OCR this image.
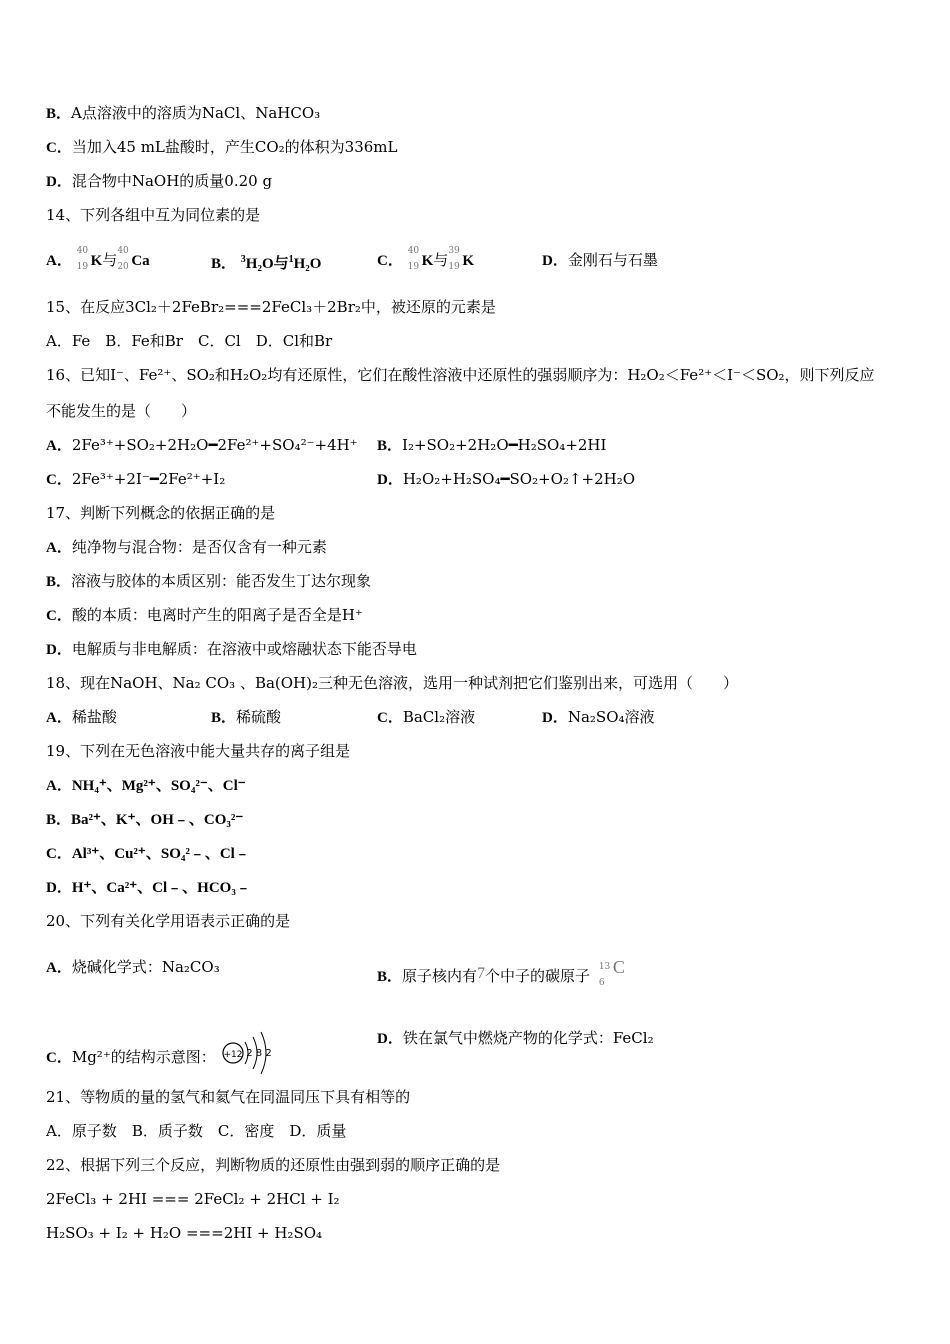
B．A点溶液中的溶质为NaCl、NaHCO₃
C．当加入45 mL盐酸时，产生CO₂的体积为336mL
D．混合物中NaOH的质量0.20 g
14、下列各组中互为同位素的是
A．
40
19 K与 40
20 Ca	B． $^3$H₂O与$^1$H₂O	C．
40
19 K与 39
19 K	D．金刚石与石墨
15、在反应3Cl₂＋2FeBr₂===2FeCl₃＋2Br₂中，被还原的元素是
A．Fe　B．Fe和Br　C．Cl　D．Cl和Br
16、已知I⁻、Fe²⁺、SO₂和H₂O₂均有还原性，它们在酸性溶液中还原性的强弱顺序为：H₂O₂＜Fe²⁺＜I⁻＜SO₂，则下列反应
不能发生的是（　　）
A．2Fe³⁺+SO₂+2H₂O━2Fe²⁺+SO₄²⁻+4H⁺ B．I₂+SO₂+2H₂O━H₂SO₄+2HI
C．2Fe³⁺+2I⁻━2Fe²⁺+I₂	D．H₂O₂+H₂SO₄━SO₂+O₂↑+2H₂O
17、判断下列概念的依据正确的是
A．纯净物与混合物：是否仅含有一种元素
B．溶液与胶体的本质区别：能否发生丁达尔现象
C．酸的本质：电离时产生的阳离子是否全是H⁺
D．电解质与非电解质：在溶液中或熔融状态下能否导电
18、现在NaOH、Na₂ CO₃ 、Ba(OH)₂三种无色溶液，选用一种试剂把它们鉴别出来，可选用（　　）
A．稀盐酸	B．稀硫酸	C．BaCl₂溶液	D．Na₂SO₄溶液
19、下列在无色溶液中能大量共存的离子组是
A．NH₄⁺、Mg²⁺、SO₄²⁻、Cl⁻
B．Ba²⁺、K⁺、OH﹣、CO₃²⁻
C．Al³⁺、Cu²⁺、SO₄²﹣、Cl﹣
D．H⁺、Ca²⁺、Cl﹣、HCO₃﹣
20、下列有关化学用语表示正确的是
A．烧碱化学式：Na₂CO₃
B．原子核内有7个中子的碳原子 13
6
C
C．Mg²⁺的结构示意图： +12 2 8 2
D．铁在氯气中燃烧产物的化学式：FeCl₂
21、等物质的量的氢气和氦气在同温同压下具有相等的
A．原子数　B．质子数　C．密度　D．质量
22、根据下列三个反应，判断物质的还原性由强到弱的顺序正确的是
2FeCl₃ + 2HI === 2FeCl₂ + 2HCl + I₂
H₂SO₃ + I₂ + H₂O ===2HI + H₂SO₄
